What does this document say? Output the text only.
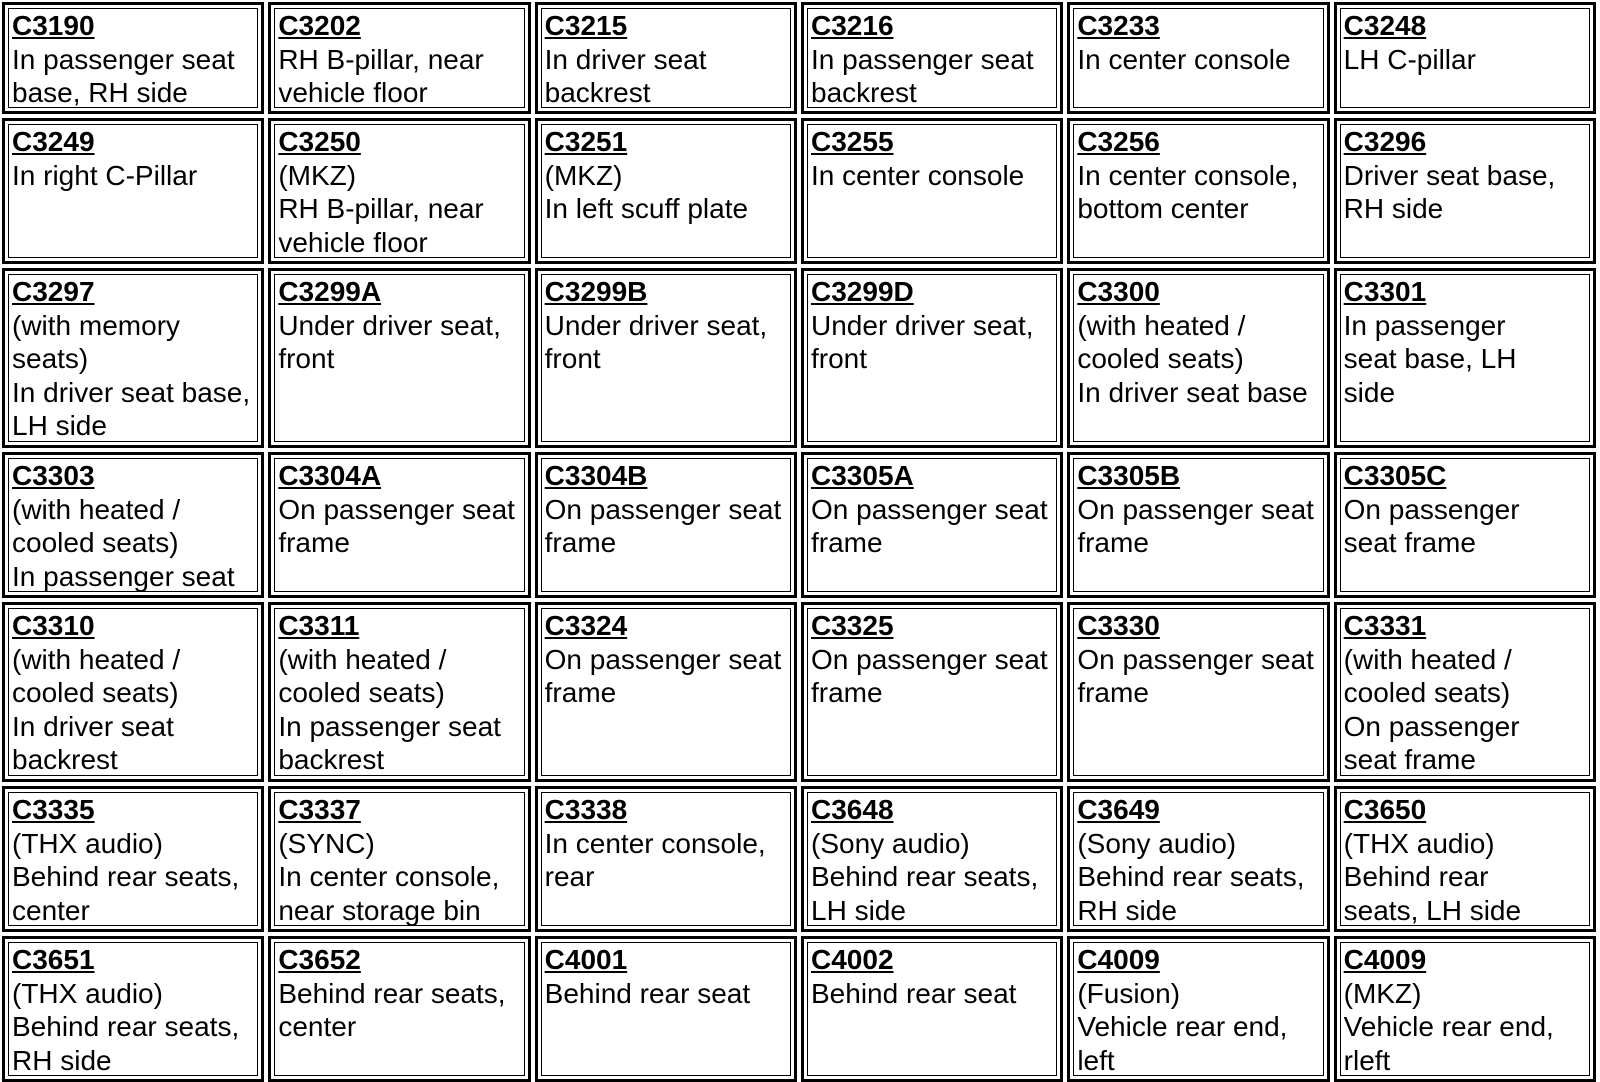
C3190
In passenger seat
base, RH side
C3202
RH B-pillar, near
vehicle floor
C3215
In driver seat
backrest
C3216
In passenger seat
backrest
C3233
In center console
C3248
LH C-pillar
C3249
In right C-Pillar
C3250
(MKZ)
RH B-pillar, near
vehicle floor
C3251
(MKZ)
In left scuff plate
C3255
In center console
C3256
In center console,
bottom center
C3296
Driver seat base,
RH side
C3297
(with memory
seats)
In driver seat base,
LH side
C3299A
Under driver seat,
front
C3299B
Under driver seat,
front
C3299D
Under driver seat,
front
C3300
(with heated /
cooled seats)
In driver seat base
C3301
In passenger
seat base, LH
side
C3303
(with heated /
cooled seats)
In passenger seat
C3304A
On passenger seat
frame
C3304B
On passenger seat
frame
C3305A
On passenger seat
frame
C3305B
On passenger seat
frame
C3305C
On passenger
seat frame
C3310
(with heated /
cooled seats)
In driver seat
backrest
C3311
(with heated /
cooled seats)
In passenger seat
backrest
C3324
On passenger seat
frame
C3325
On passenger seat
frame
C3330
On passenger seat
frame
C3331
(with heated /
cooled seats)
On passenger
seat frame
C3335
(THX audio)
Behind rear seats,
center
C3337
(SYNC)
In center console,
near storage bin
C3338
In center console,
rear
C3648
(Sony audio)
Behind rear seats,
LH side
C3649
(Sony audio)
Behind rear seats,
RH side
C3650
(THX audio)
Behind rear
seats, LH side
C3651
(THX audio)
Behind rear seats,
RH side
C3652
Behind rear seats,
center
C4001
Behind rear seat
C4002
Behind rear seat
C4009
(Fusion)
Vehicle rear end,
left
C4009
(MKZ)
Vehicle rear end,
rleft
